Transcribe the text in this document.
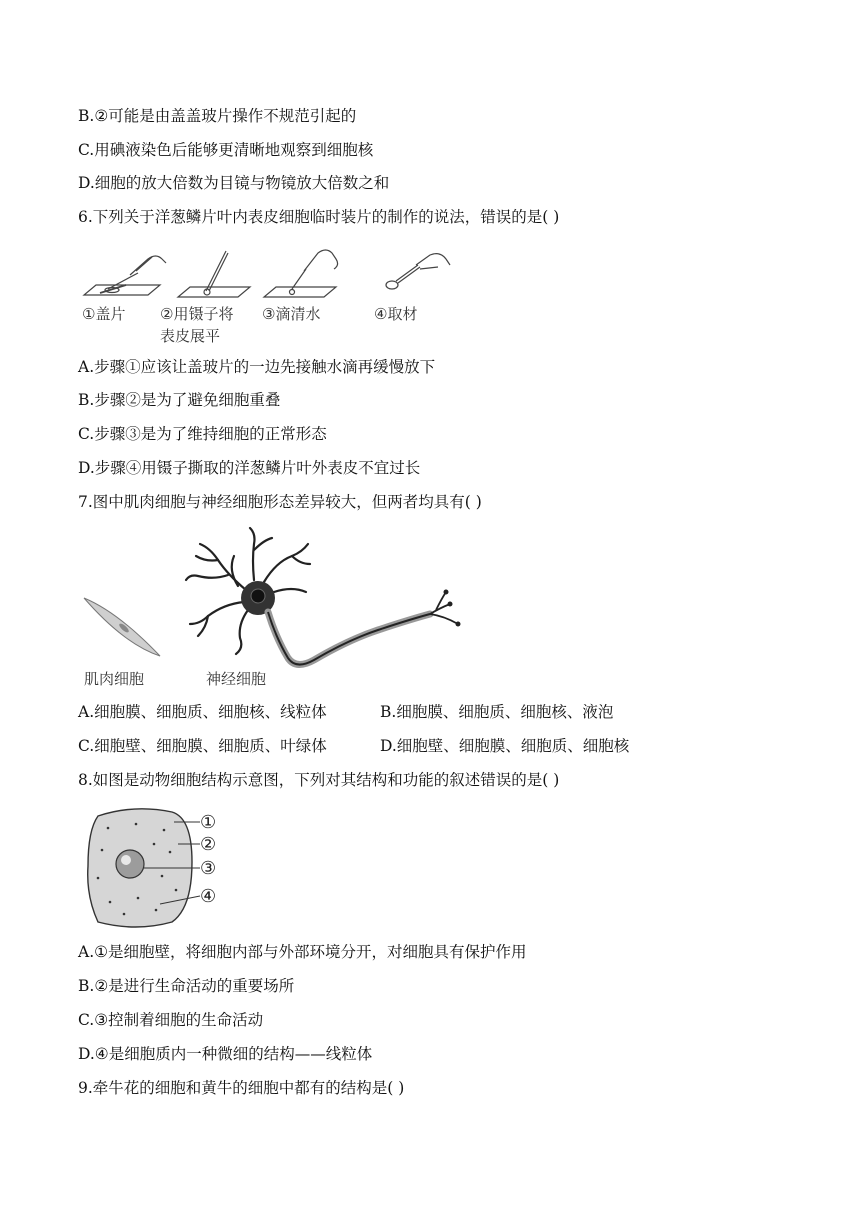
B.②可能是由盖盖玻片操作不规范引起的
C.用碘液染色后能够更清晰地观察到细胞核
D.细胞的放大倍数为目镜与物镜放大倍数之和
6.下列关于洋葱鳞片叶内表皮细胞临时装片的制作的说法，错误的是( )
①盖片 ②用镊子将
表皮展平
③滴清水	④取材
A.步骤①应该让盖玻片的一边先接触水滴再缓慢放下
B.步骤②是为了避免细胞重叠
C.步骤③是为了维持细胞的正常形态
D.步骤④用镊子撕取的洋葱鳞片叶外表皮不宜过长
7.图中肌肉细胞与神经细胞形态差异较大，但两者均具有( )
肌肉细胞	神经细胞
A.细胞膜、细胞质、细胞核、线粒体	B.细胞膜、细胞质、细胞核、液泡
C.细胞壁、细胞膜、细胞质、叶绿体	D.细胞壁、细胞膜、细胞质、细胞核
8.如图是动物细胞结构示意图，下列对其结构和功能的叙述错误的是( )
①
②
③
④
A.①是细胞壁，将细胞内部与外部环境分开，对细胞具有保护作用
B.②是进行生命活动的重要场所
C.③控制着细胞的生命活动
D.④是细胞质内一种微细的结构——线粒体
9.牵牛花的细胞和黄牛的细胞中都有的结构是( )
